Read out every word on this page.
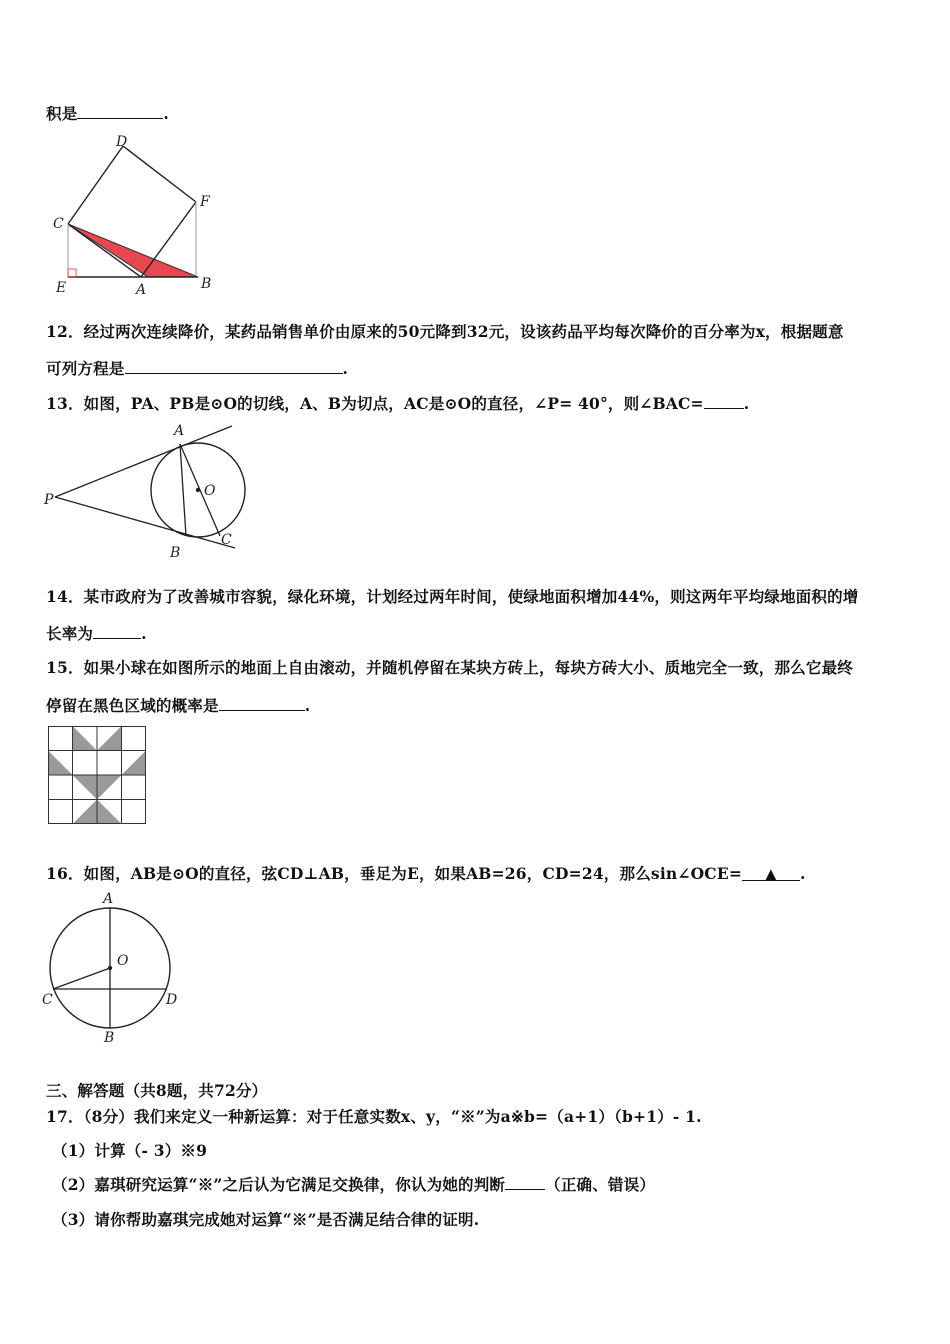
积是	.
D
F
C
E	A	B
12．经过两次连续降价，某药品销售单价由原来的50元降到32元，设该药品平均每次降价的百分率为x，根据题意
可列方程是	.
13．如图，PA、PB是⊙O的切线，A、B为切点，AC是⊙O的直径，∠P= 40°，则∠BAC=	.
A
O
P
B
C
14．某市政府为了改善城市容貌，绿化环境，计划经过两年时间，使绿地面积增加44%，则这两年平均绿地面积的增
长率为	.
15．如果小球在如图所示的地面上自由滚动，并随机停留在某块方砖上，每块方砖大小、质地完全一致，那么它最终
停留在黑色区域的概率是	.
16．如图，AB是⊙O的直径，弦CD⊥AB，垂足为E，如果AB=26，CD=24，那么sin∠OCE= ▲ .
A
O
C	D
B
三、解答题（共8题，共72分）
17．（8分）我们来定义一种新运算：对于任意实数x、y，“※”为a※b=（a+1）（b+1）- 1.
（1）计算（- 3）※9
（2）嘉琪研究运算“※”之后认为它满足交换律，你认为她的判断	（正确、错误）
（3）请你帮助嘉琪完成她对运算“※”是否满足结合律的证明.
